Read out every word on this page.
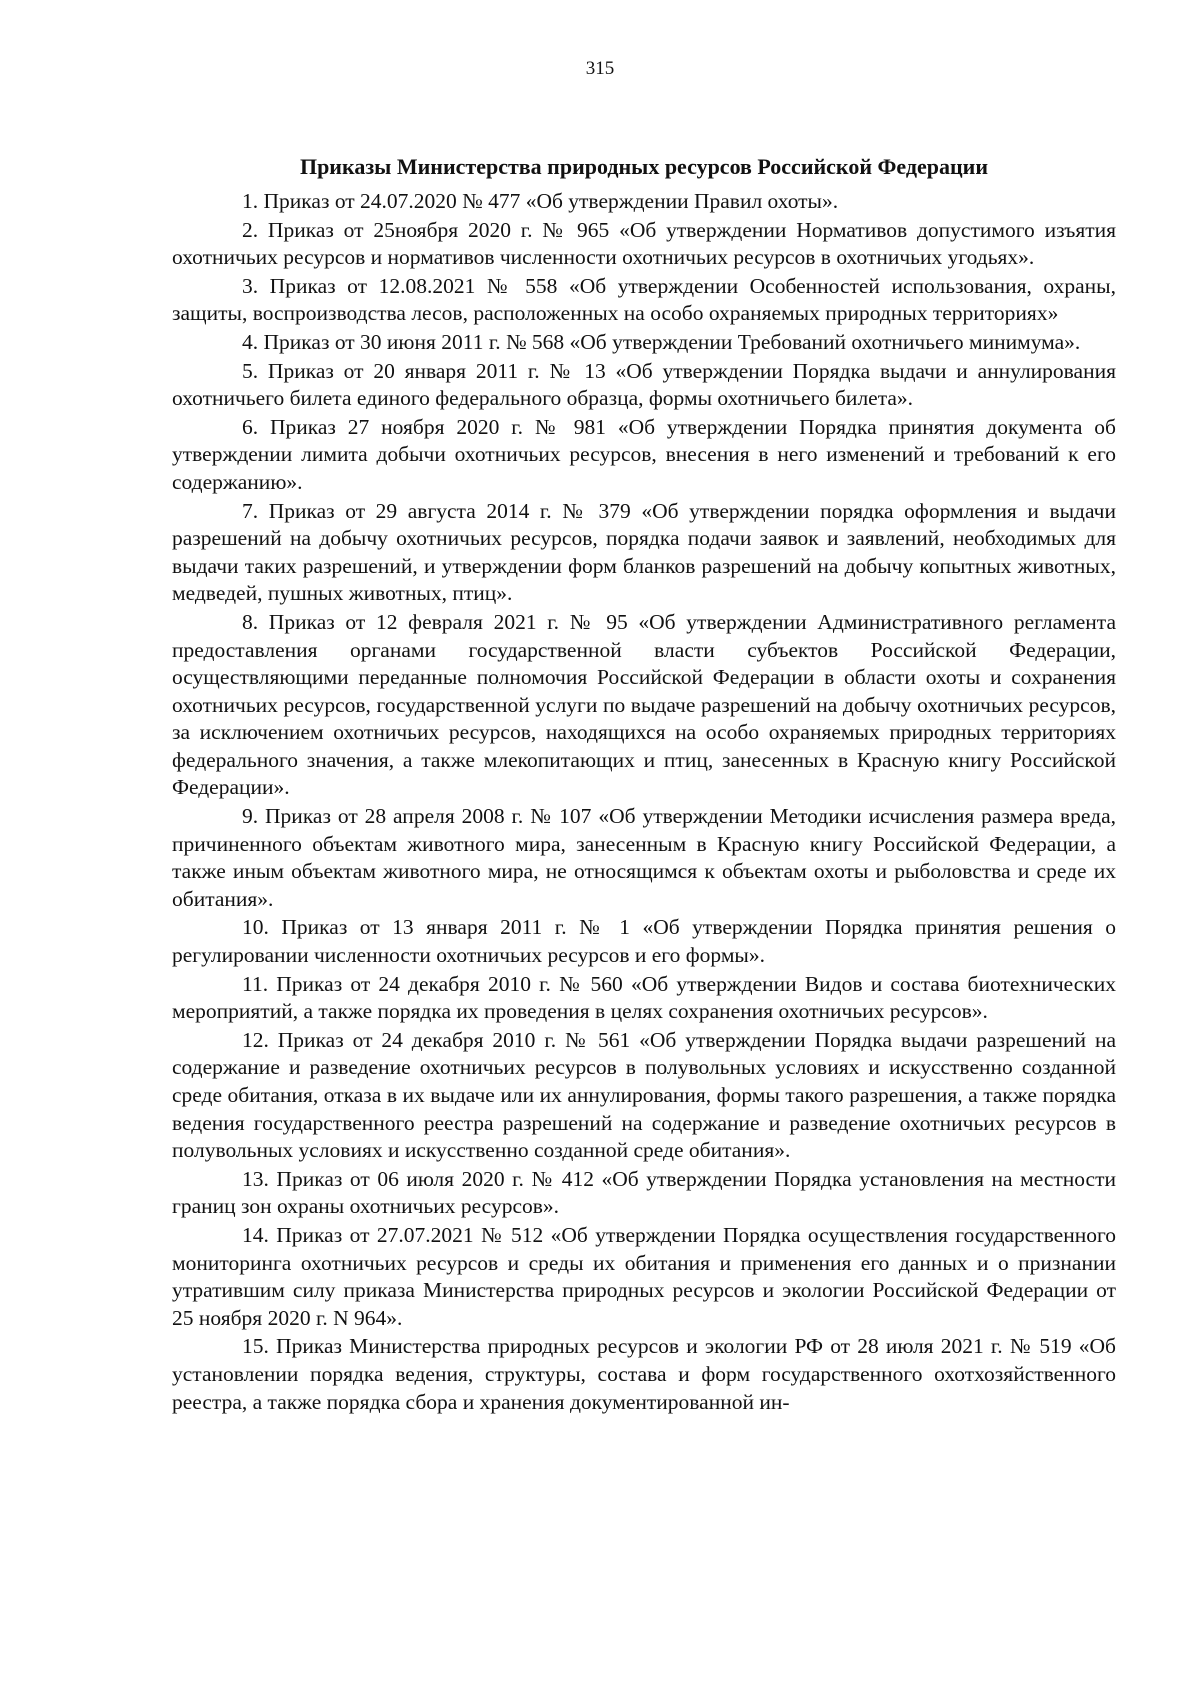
315
Приказы Министерства природных ресурсов Российской Федерации

1. Приказ от 24.07.2020 № 477 «Об утверждении Правил охоты».

2. Приказ от 25ноября 2020 г. № 965 «Об утверждении Нормативов допустимого изъятия охотничьих ресурсов и нормативов численности охотничьих ресурсов в охотничьих угодьях».

3. Приказ от 12.08.2021 № 558 «Об утверждении Особенностей использования, охраны, защиты, воспроизводства лесов, расположенных на особо охраняемых природных территориях»

4. Приказ от 30 июня 2011 г. № 568 «Об утверждении Требований охотничьего минимума».

5. Приказ от 20 января 2011 г. № 13 «Об утверждении Порядка выдачи и аннулирования охотничьего билета единого федерального образца, формы охотничьего билета».

6. Приказ 27 ноября 2020 г. № 981 «Об утверждении Порядка принятия документа об утверждении лимита добычи охотничьих ресурсов, внесения в него изменений и требований к его содержанию».

7. Приказ от 29 августа 2014 г. № 379 «Об утверждении порядка оформления и выдачи разрешений на добычу охотничьих ресурсов, порядка подачи заявок и заявлений, необходимых для выдачи таких разрешений, и утверждении форм бланков разрешений на добычу копытных животных, медведей, пушных животных, птиц».

8. Приказ от 12 февраля 2021 г. № 95 «Об утверждении Административного регламента предоставления органами государственной власти субъектов Российской Федерации, осуществляющими переданные полномочия Российской Федерации в области охоты и сохранения охотничьих ресурсов, государственной услуги по выдаче разрешений на добычу охотничьих ресурсов, за исключением охотничьих ресурсов, находящихся на особо охраняемых природных территориях федерального значения, а также млекопитающих и птиц, занесенных в Красную книгу Российской Федерации».

9. Приказ от 28 апреля 2008 г. № 107 «Об утверждении Методики исчисления размера вреда, причиненного объектам животного мира, занесенным в Красную книгу Российской Федерации, а также иным объектам животного мира, не относящимся к объектам охоты и рыболовства и среде их обитания».

10. Приказ от 13 января 2011 г. № 1 «Об утверждении Порядка принятия решения о регулировании численности охотничьих ресурсов и его формы».

11. Приказ от 24 декабря 2010 г. № 560 «Об утверждении Видов и состава биотехнических мероприятий, а также порядка их проведения в целях сохранения охотничьих ресурсов».

12. Приказ от 24 декабря 2010 г. № 561 «Об утверждении Порядка выдачи разрешений на содержание и разведение охотничьих ресурсов в полувольных условиях и искусственно созданной среде обитания, отказа в их выдаче или их аннулирования, формы такого разрешения, а также порядка ведения государственного реестра разрешений на содержание и разведение охотничьих ресурсов в полувольных условиях и искусственно созданной среде обитания».

13. Приказ от 06 июля 2020 г. № 412 «Об утверждении Порядка установления на местности границ зон охраны охотничьих ресурсов».

14. Приказ от 27.07.2021 № 512 «Об утверждении Порядка осуществления государственного мониторинга охотничьих ресурсов и среды их обитания и применения его данных и о признании утратившим силу приказа Министерства природных ресурсов и экологии Российской Федерации от 25 ноября 2020 г. N 964».

15. Приказ Министерства природных ресурсов и экологии РФ от 28 июля 2021 г. № 519 «Об установлении порядка ведения, структуры, состава и форм государственного охотхозяйственного реестра, а также порядка сбора и хранения документированной ин-
